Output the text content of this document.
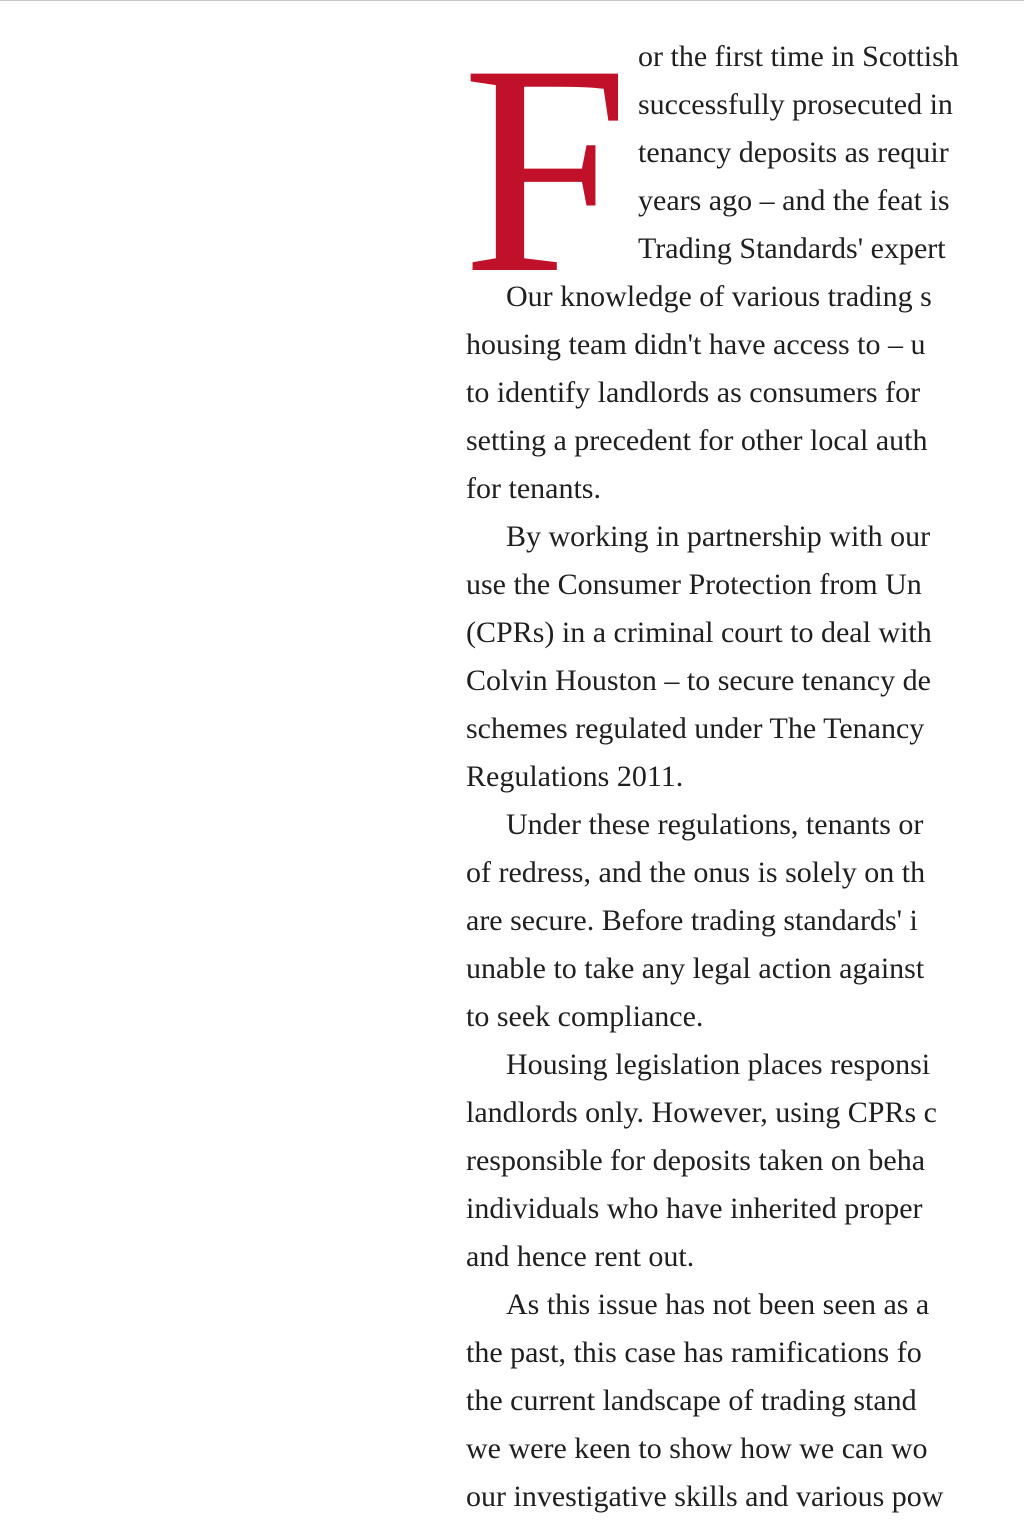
F or the first time in Scottish
successfully prosecuted in
tenancy deposits as requir
years ago – and the feat is
Trading Standards' expert
Our knowledge of various trading s
housing team didn't have access to – u
to identify landlords as consumers for
setting a precedent for other local auth
for tenants.
By working in partnership with our
use the Consumer Protection from Un
(CPRs) in a criminal court to deal with
Colvin Houston – to secure tenancy de
schemes regulated under The Tenancy
Regulations 2011.
Under these regulations, tenants or
of redress, and the onus is solely on th
are secure. Before trading standards' i
unable to take any legal action against
to seek compliance.
Housing legislation places responsi
landlords only. However, using CPRs c
responsible for deposits taken on beha
individuals who have inherited proper
and hence rent out.
As this issue has not been seen as a
the past, this case has ramifications fo
the current landscape of trading stand
we were keen to show how we can wo
our investigative skills and various pow
